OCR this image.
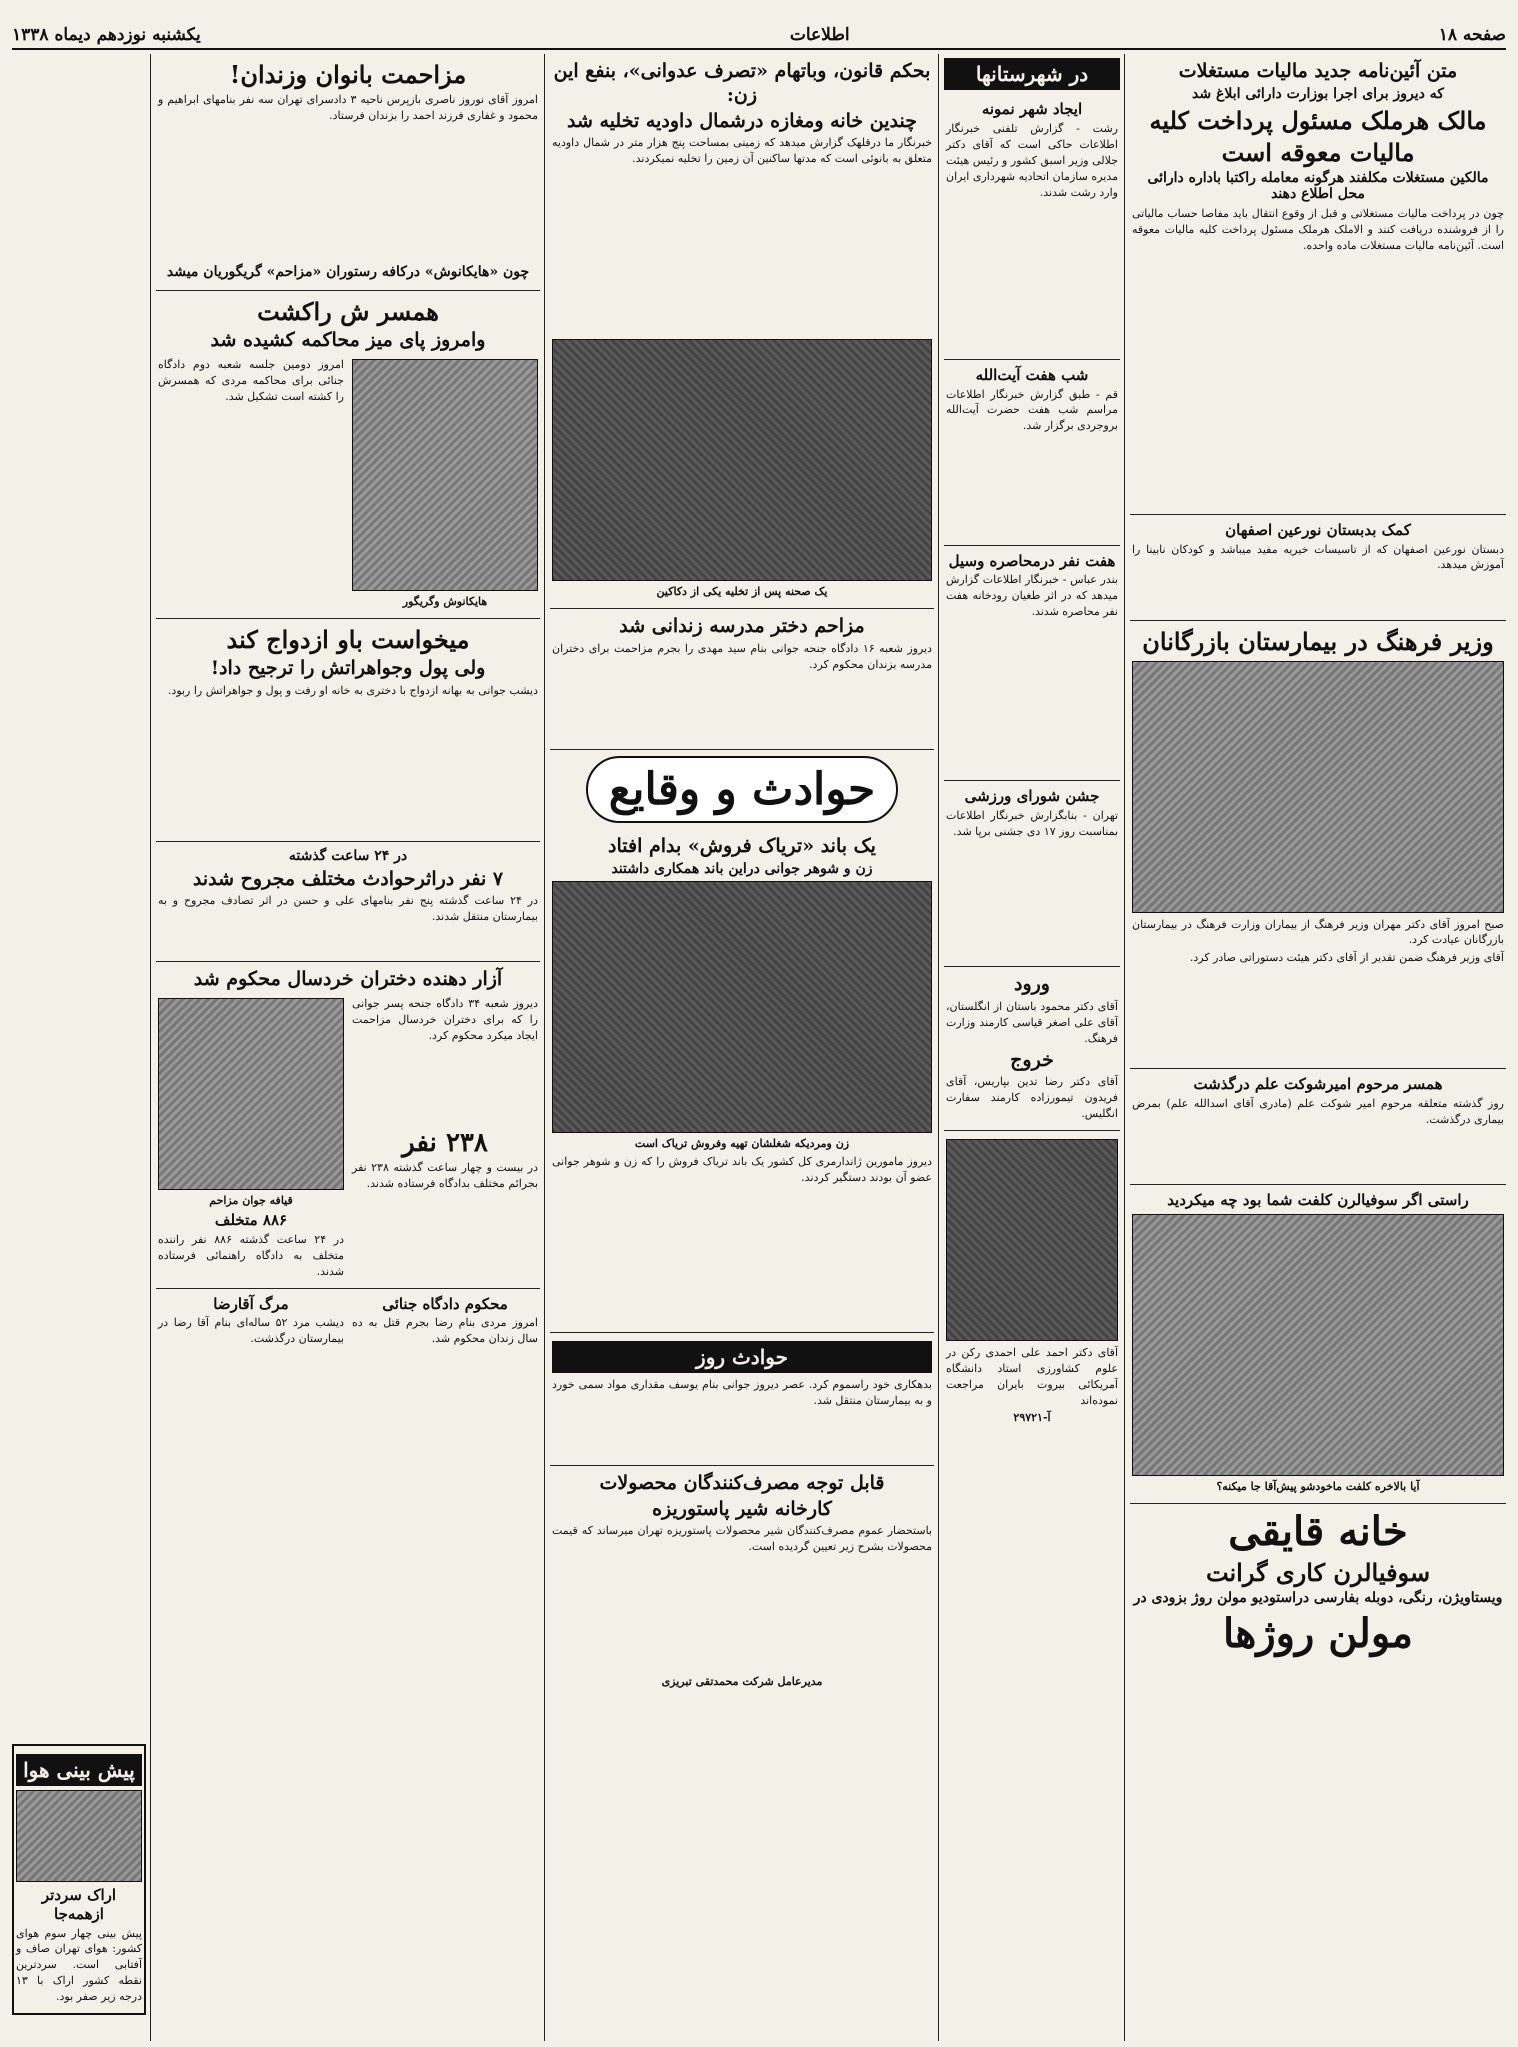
صفحه ۱۸
اطلاعات
یکشنبه نوزدهم دیماه ۱۳۳۸
متن آئین‌نامه جدید مالیات مستغلات
که دیروز برای اجرا بوزارت دارائی ابلاغ شد
مالک هرملک مسئول پرداخت کلیه
مالیات معوقه است
مالکین مستغلات مکلفند هرگونه معامله راکتبا باداره دارائی محل اطلاع دهند

چون در پرداخت مالیات مستغلاتی و قبل از وقوع انتقال باید مفاصا حساب مالیاتی را از فروشنده دریافت کنند و الاملک هرملک مسئول پرداخت کلیه مالیات معوقه است. آئین‌نامه مالیات مستغلات ماده واحده.

کمک بدبستان نورعین اصفهان

دبستان نورعین اصفهان که از تاسیسات خیریه مفید میباشد و کودکان نابینا را آموزش میدهد.

وزیر فرهنگ در بیمارستان بازرگانان

صبح امروز آقای دکتر مهران وزیر فرهنگ از بیماران وزارت فرهنگ در بیمارستان بازرگانان عیادت کرد.

آقای وزیر فرهنگ ضمن تقدیر از آقای دکتر هیئت دستوراتی صادر کرد.

همسر مرحوم امیرشوکت علم درگذشت

روز گذشته متعلقه مرحوم امیر شوکت علم (مادری آقای اسدالله علم) بمرض بیماری درگذشت.

راستی اگر سوفیالرن کلفت شما بود چه میکردید
آیا بالاخره کلفت ماخودشو پیش‌آقا جا میکنه؟
خانه قایقی
سوفیالرن کاری گرانت
ویستاویژن، رنگی، دوبله بفارسی دراستودیو مولن روژ بزودی در
مولن روژها
در شهرستانها
ایجاد شهر نمونه

رشت - گزارش تلفنی خبرنگار اطلاعات حاکی است که آقای دکتر جلالی وزیر اسبق کشور و رئیس هیئت مدیره سازمان اتحادیه شهرداری ایران وارد رشت شدند.

شب هفت آیت‌الله

قم - طبق گزارش خبرنگار اطلاعات مراسم شب هفت حضرت آیت‌الله بروجردی برگزار شد.

هفت نفر درمحاصره وسیل

بندر عباس - خبرنگار اطلاعات گزارش میدهد که در اثر طغیان رودخانه هفت نفر محاصره شدند.

جشن شورای ورزشی

تهران - بنابگزارش خبرنگار اطلاعات بمناسبت روز ۱۷ دی جشنی برپا شد.

ورود

آقای دکتر محمود باستان از انگلستان، آقای علی اصغر قیاسی کارمند وزارت فرهنگ.

خروج

آقای دکتر رضا تدین بپاریس، آقای فریدون تیمورزاده کارمند سفارت انگلیس.

آقای دکتر احمد علی احمدی رکن در علوم کشاورزی استاد دانشگاه آمریکائی بیروت بایران مراجعت نموده‌اند

آ-۲۹۷۲۱
بحکم قانون، وباتهام «تصرف عدوانی»، بنفع این زن:
چندین خانه ومغازه درشمال داودیه تخلیه شد

خبرنگار ما درقلهک گزارش میدهد که زمینی بمساحت پنج هزار متر در شمال داودیه متعلق به بانوئی است که مدتها ساکنین آن زمین را تخلیه نمیکردند.

یک صحنه پس از تخلیه یکی از دکاکین
مزاحم دختر مدرسه زندانی شد

دیروز شعبه ۱۶ دادگاه جنحه جوانی بنام سید مهدی را بجرم مزاحمت برای دختران مدرسه بزندان محکوم کرد.

حوادث و وقایع
یک باند «تریاک فروش» بدام افتاد
زن و شوهر جوانی دراین باند همکاری داشتند
زن ومردیکه شغلشان تهیه وفروش تریاک است

دیروز مامورین ژاندارمری کل کشور یک باند تریاک فروش را که زن و شوهر جوانی عضو آن بودند دستگیر کردند.

حوادث روز

بدهکاری خود راسموم کرد. عصر دیروز جوانی بنام یوسف مقداری مواد سمی خورد و به بیمارستان منتقل شد.

قابل توجه مصرف‌کنندگان محصولات
کارخانه شیر پاستوریزه

باستحضار عموم مصرف‌کنندگان شیر محصولات پاستوریزه تهران میرساند که قیمت محصولات بشرح زیر تعیین گردیده است.

مدیرعامل شرکت محمدتقی تبریزی
مزاحمت بانوان وزندان!

امروز آقای نوروز ناصری بازپرس ناحیه ۳ دادسرای تهران سه نفر بنامهای ابراهیم و محمود و غفاری فرزند احمد را بزندان فرستاد.

چون «هایکانوش» درکافه رستوران «مزاحم» گریگوریان میشد
همسر ش راکشت
وامروز پای میز محاکمه کشیده شد
هایکانوش وگریگور

امروز دومین جلسه شعبه دوم دادگاه جنائی برای محاکمه مردی که همسرش را کشته است تشکیل شد.

میخواست باو ازدواج کند
ولی پول وجواهراتش را ترجیح داد!

دیشب جوانی به بهانه ازدواج با دختری به خانه او رفت و پول و جواهراتش را ربود.

در ۲۴ ساعت گذشته
۷ نفر دراثرحوادث مختلف مجروح شدند

در ۲۴ ساعت گذشته پنج نفر بنامهای علی و حسن در اثر تصادف مجروح و به بیمارستان منتقل شدند.

آزار دهنده دختران خردسال محکوم شد

دیروز شعبه ۳۴ دادگاه جنحه پسر جوانی را که برای دختران خردسال مزاحمت ایجاد میکرد محکوم کرد.

۲۳۸ نفر

در بیست و چهار ساعت گذشته ۲۳۸ نفر بجرائم مختلف بدادگاه فرستاده شدند.

قیافه جوان مزاحم
۸۸۶ متخلف

در ۲۴ ساعت گذشته ۸۸۶ نفر راننده متخلف به دادگاه راهنمائی فرستاده شدند.

محکوم دادگاه جنائی

امروز مردی بنام رضا بجرم قتل به ده سال زندان محکوم شد.

مرگ آقارضا

دیشب مرد ۵۲ ساله‌ای بنام آقا رضا در بیمارستان درگذشت.

پیش بینی هوا
اراک سردتر ازهمه‌جا

پیش بینی چهار سوم هوای کشور: هوای تهران صاف و آفتابی است. سردترین نقطه کشور اراک با ۱۳ درجه زیر صفر بود.
